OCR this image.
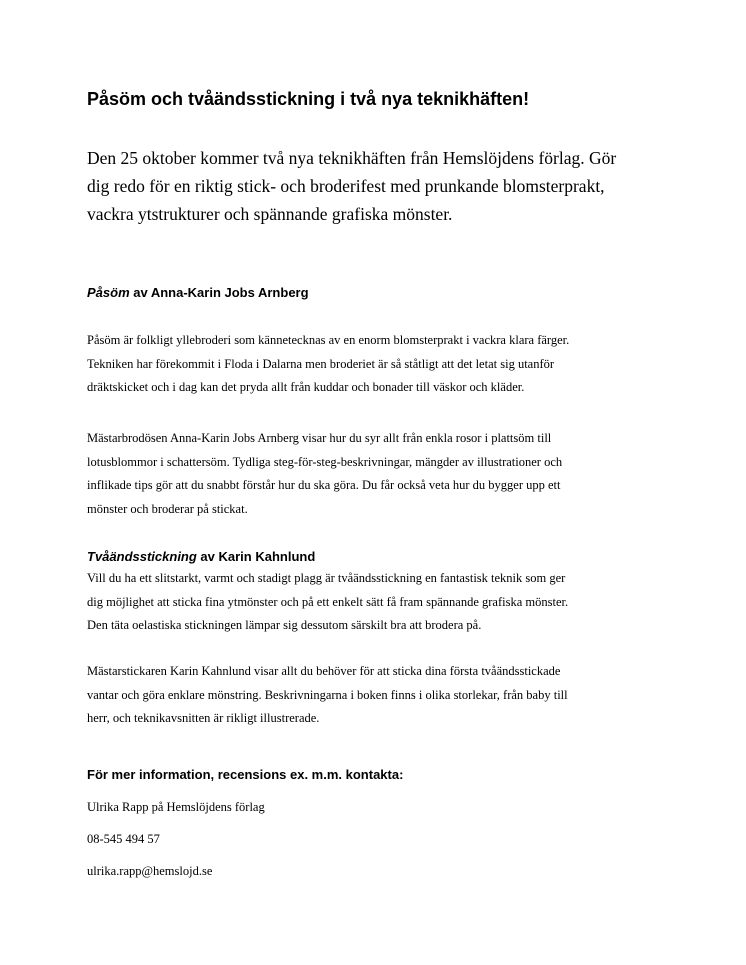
Påsöm och tvåändsstickning i två nya teknikhäften!
Den 25 oktober kommer två nya teknikhäften från Hemslöjdens förlag. Gör
dig redo för en riktig stick- och broderifest med prunkande blomsterprakt,
vackra ytstrukturer och spännande grafiska mönster.
Påsöm av Anna-Karin Jobs Arnberg
Påsöm är folkligt yllebroderi som kännetecknas av en enorm blomsterprakt i vackra klara färger.
Tekniken har förekommit i Floda i Dalarna men broderiet är så ståtligt att det letat sig utanför
dräktskicket och i dag kan det pryda allt från kuddar och bonader till väskor och kläder.
Mästarbrodösen Anna-Karin Jobs Arnberg visar hur du syr allt från enkla rosor i plattsöm till
lotusblommor i schattersöm. Tydliga steg-för-steg-beskrivningar, mängder av illustrationer och
inflikade tips gör att du snabbt förstår hur du ska göra. Du får också veta hur du bygger upp ett
mönster och broderar på stickat.
Tvåändsstickning av Karin Kahnlund
Vill du ha ett slitstarkt, varmt och stadigt plagg är tvåändsstickning en fantastisk teknik som ger
dig möjlighet att sticka fina ytmönster och på ett enkelt sätt få fram spännande grafiska mönster.
Den täta oelastiska stickningen lämpar sig dessutom särskilt bra att brodera på.
Mästarstickaren Karin Kahnlund visar allt du behöver för att sticka dina första tvåändsstickade
vantar och göra enklare mönstring. Beskrivningarna i boken finns i olika storlekar, från baby till
herr, och teknikavsnitten är rikligt illustrerade.
För mer information, recensions ex. m.m. kontakta:
Ulrika Rapp på Hemslöjdens förlag
08-545 494 57
ulrika.rapp@hemslojd.se
